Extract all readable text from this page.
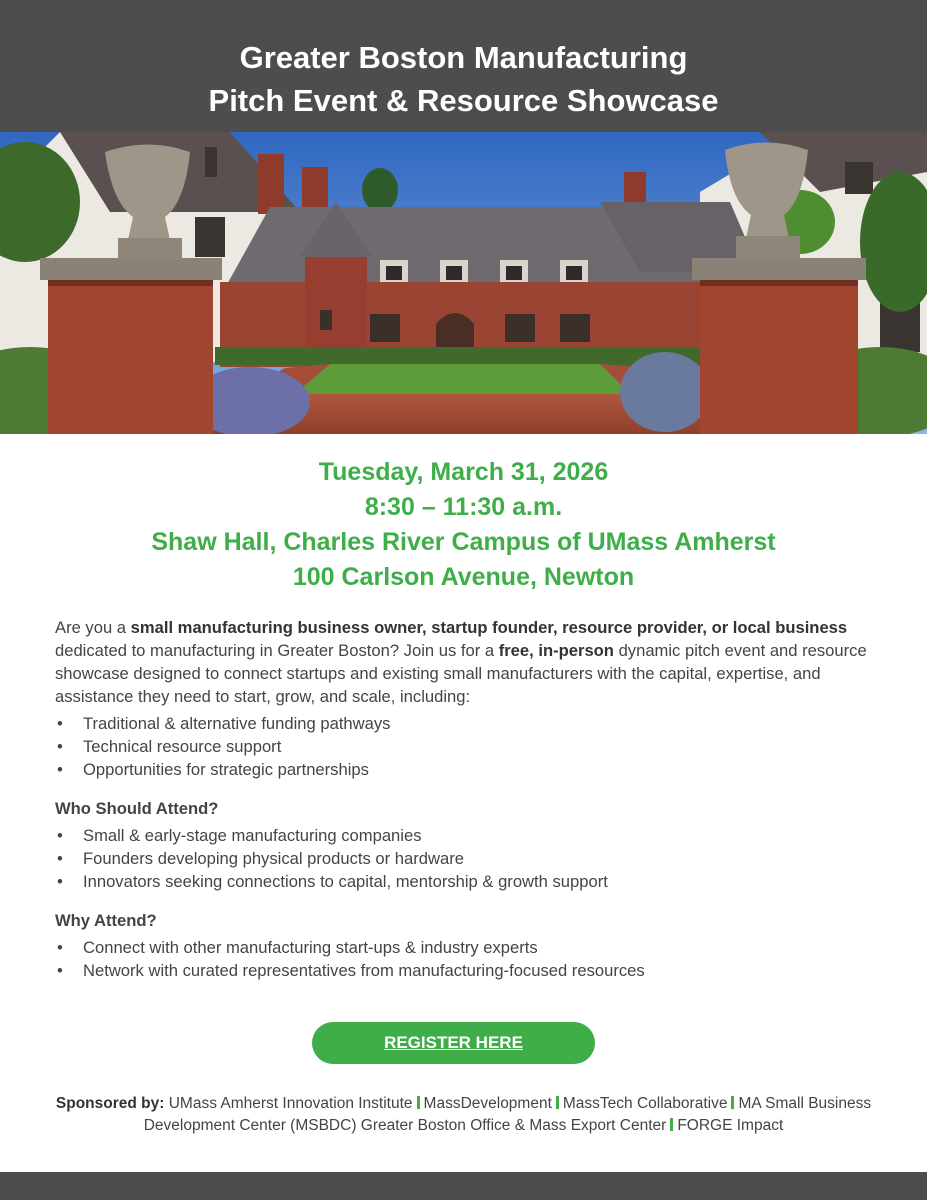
Greater Boston Manufacturing
Pitch Event & Resource Showcase
Tuesday, March 31, 2026
8:30 – 11:30 a.m.
Shaw Hall, Charles River Campus of UMass Amherst
100 Carlson Avenue, Newton

Are you a small manufacturing business owner, startup founder, resource provider, or local business dedicated to manufacturing in Greater Boston? Join us for a free, in-person dynamic pitch event and resource showcase designed to connect startups and existing small manufacturers with the capital, expertise, and assistance they need to start, grow, and scale, including:

• Traditional & alternative funding pathways
• Technical resource support
• Opportunities for strategic partnerships
Who Should Attend?
• Small & early-stage manufacturing companies
• Founders developing physical products or hardware
• Innovators seeking connections to capital, mentorship & growth support
Why Attend?
• Connect with other manufacturing start-ups & industry experts
• Network with curated representatives from manufacturing-focused resources
REGISTER HERE
Sponsored by: UMass Amherst Innovation Institute MassDevelopment MassTech Collaborative MA Small Business Development Center (MSBDC) Greater Boston Office & Mass Export Center FORGE Impact
